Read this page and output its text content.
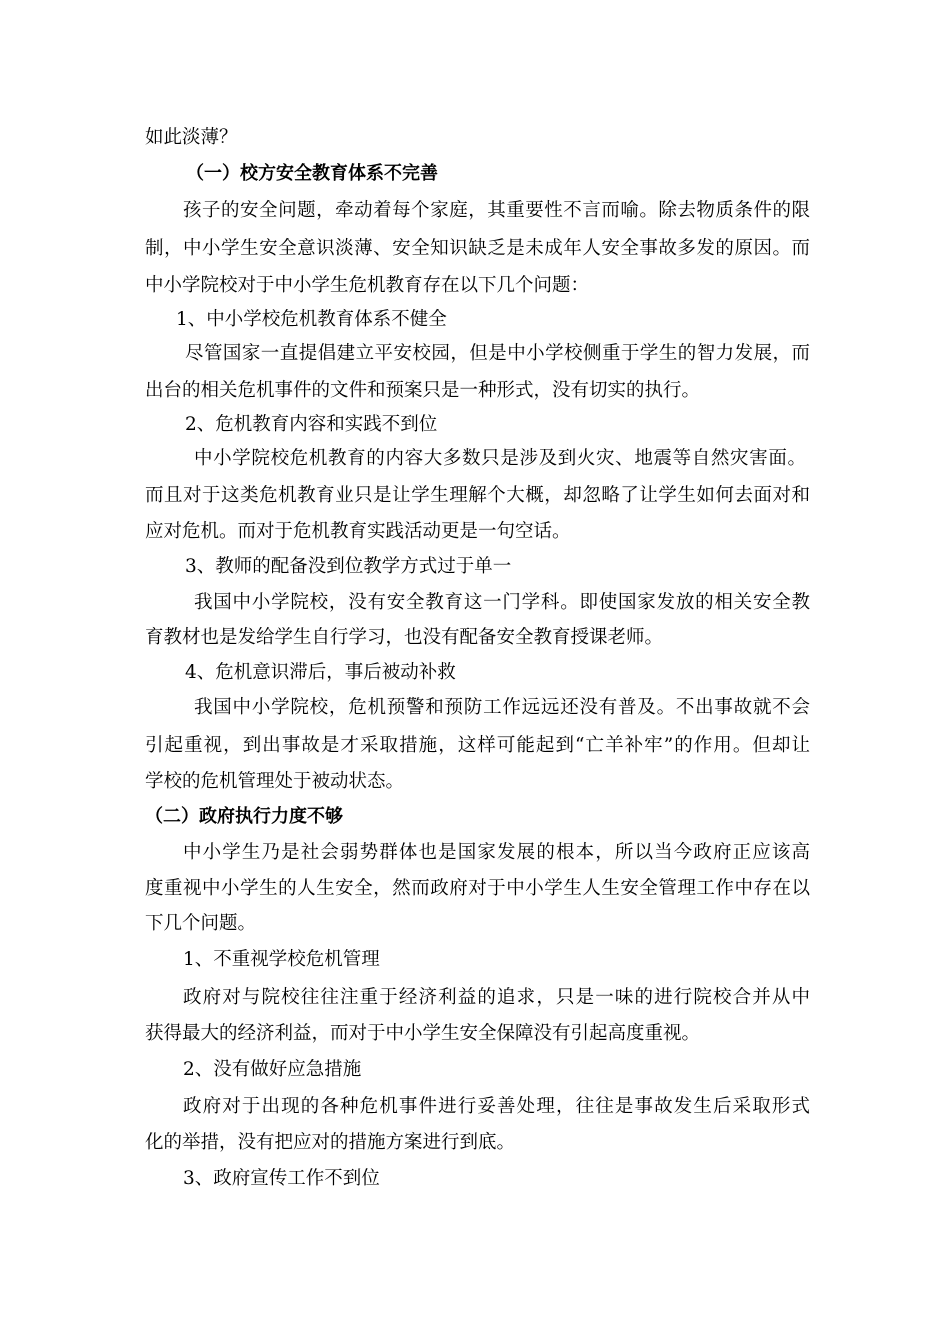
如此淡薄？
（一）校方安全教育体系不完善
孩子的安全问题，牵动着每个家庭，其重要性不言而喻。除去物质条件的限
制，中小学生安全意识淡薄、安全知识缺乏是未成年人安全事故多发的原因。而
中小学院校对于中小学生危机教育存在以下几个问题：
1、中小学校危机教育体系不健全
尽管国家一直提倡建立平安校园，但是中小学校侧重于学生的智力发展，而
出台的相关危机事件的文件和预案只是一种形式，没有切实的执行。
2、危机教育内容和实践不到位
中小学院校危机教育的内容大多数只是涉及到火灾、地震等自然灾害面。
而且对于这类危机教育业只是让学生理解个大概，却忽略了让学生如何去面对和
应对危机。而对于危机教育实践活动更是一句空话。
3、教师的配备没到位教学方式过于单一
我国中小学院校，没有安全教育这一门学科。即使国家发放的相关安全教
育教材也是发给学生自行学习，也没有配备安全教育授课老师。
4、危机意识滞后，事后被动补救
我国中小学院校，危机预警和预防工作远远还没有普及。不出事故就不会
引起重视，到出事故是才采取措施，这样可能起到“亡羊补牢”的作用。但却让
学校的危机管理处于被动状态。
（二）政府执行力度不够
中小学生乃是社会弱势群体也是国家发展的根本，所以当今政府正应该高
度重视中小学生的人生安全，然而政府对于中小学生人生安全管理工作中存在以
下几个问题。
1、不重视学校危机管理
政府对与院校往往注重于经济利益的追求，只是一味的进行院校合并从中
获得最大的经济利益，而对于中小学生安全保障没有引起高度重视。
2、没有做好应急措施
政府对于出现的各种危机事件进行妥善处理，往往是事故发生后采取形式
化的举措，没有把应对的措施方案进行到底。
3、政府宣传工作不到位
